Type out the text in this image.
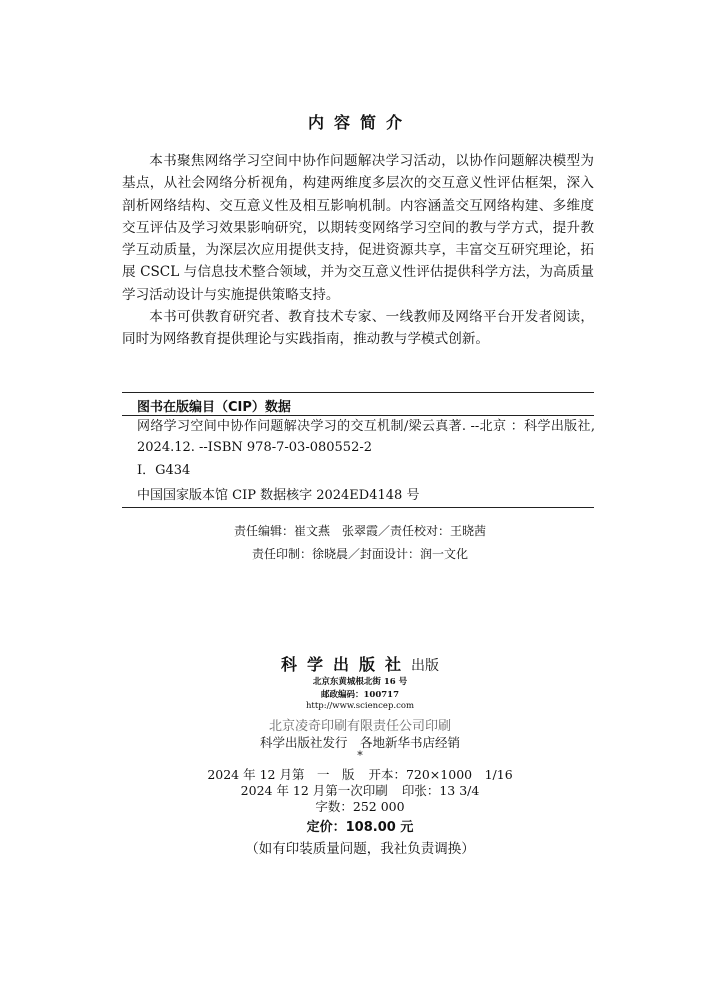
内容简介

本书聚焦网络学习空间中协作问题解决学习活动，以协作问题解决模型为基点，从社会网络分析视角，构建两维度多层次的交互意义性评估框架，深入剖析网络结构、交互意义性及相互影响机制。内容涵盖交互网络构建、多维度交互评估及学习效果影响研究，以期转变网络学习空间的教与学方式，提升教学互动质量，为深层次应用提供支持，促进资源共享，丰富交互研究理论，拓展 CSCL 与信息技术整合领域，并为交互意义性评估提供科学方法，为高质量学习活动设计与实施提供策略支持。

本书可供教育研究者、教育技术专家、一线教师及网络平台开发者阅读，同时为网络教育提供理论与实践指南，推动教与学模式创新。

图书在版编目（CIP）数据
网络学习空间中协作问题解决学习的交互机制/梁云真著. --北京 ：科学出版社, 2024.12. --ISBN 978-7-03-080552-2
Ⅰ．G434
中国国家版本馆 CIP 数据核字 2024ED4148 号
责任编辑：崔文燕　张翠霞／责任校对：王晓茜
责任印制：徐晓晨／封面设计：润一文化
科学出版社出版
北京东黄城根北街 16 号
邮政编码：100717
http://www.sciencep.com
北京凌奇印刷有限责任公司印刷
科学出版社发行　各地新华书店经销
*
2024 年 12 月第　一　版 开本：720×1000　1/16
2024 年 12 月第一次印刷 印张：13 3/4
字数：252 000
定价：108.00 元
（如有印装质量问题，我社负责调换）
